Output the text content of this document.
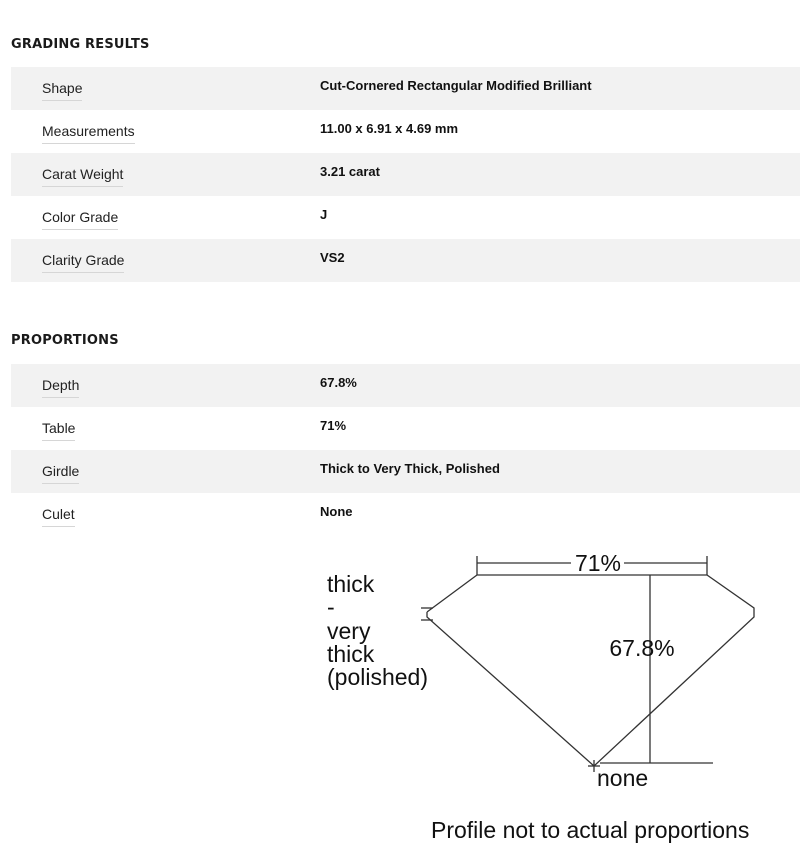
GRADING RESULTS
Shape	Cut-Cornered Rectangular Modified Brilliant
Measurements	11.00 x 6.91 x 4.69 mm
Carat Weight	3.21 carat
Color Grade	J
Clarity Grade	VS2
PROPORTIONS
Depth	67.8%
Table	71%
Girdle	Thick to Very Thick, Polished
Culet	None
71%
67.8%
thick
-
very
thick
(polished)
none
Profile not to actual proportions
